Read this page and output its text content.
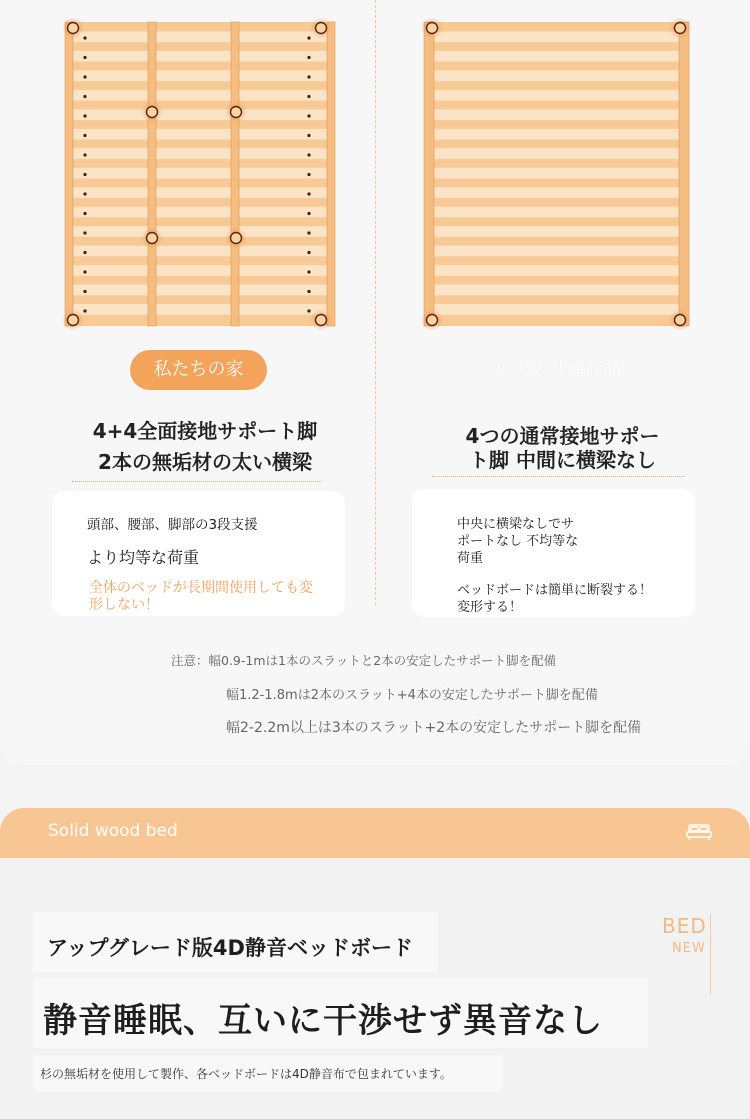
私たちの家	市場の共通商品
4+4全面接地サポート脚
2本の無垢材の太い横梁
4つの通常接地サポー
ト脚 中間に横梁なし
頭部、腰部、脚部の3段支援
より均等な荷重
全体のベッドが長期間使用しても変
形しない！
中央に横梁なしでサ
ポートなし 不均等な
荷重
ベッドボードは簡単に断裂する！
変形する！
注意：幅0.9-1mは1本のスラットと2本の安定したサポート脚を配備
幅1.2-1.8mは2本のスラット+4本の安定したサポート脚を配備
幅2-2.2m以上は3本のスラット+2本の安定したサポート脚を配備
Solid wood bed
BED
NEW
アップグレード版4D静音ベッドボード
静音睡眠、互いに干渉せず異音なし
杉の無垢材を使用して製作、各ベッドボードは4D静音布で包まれています。
